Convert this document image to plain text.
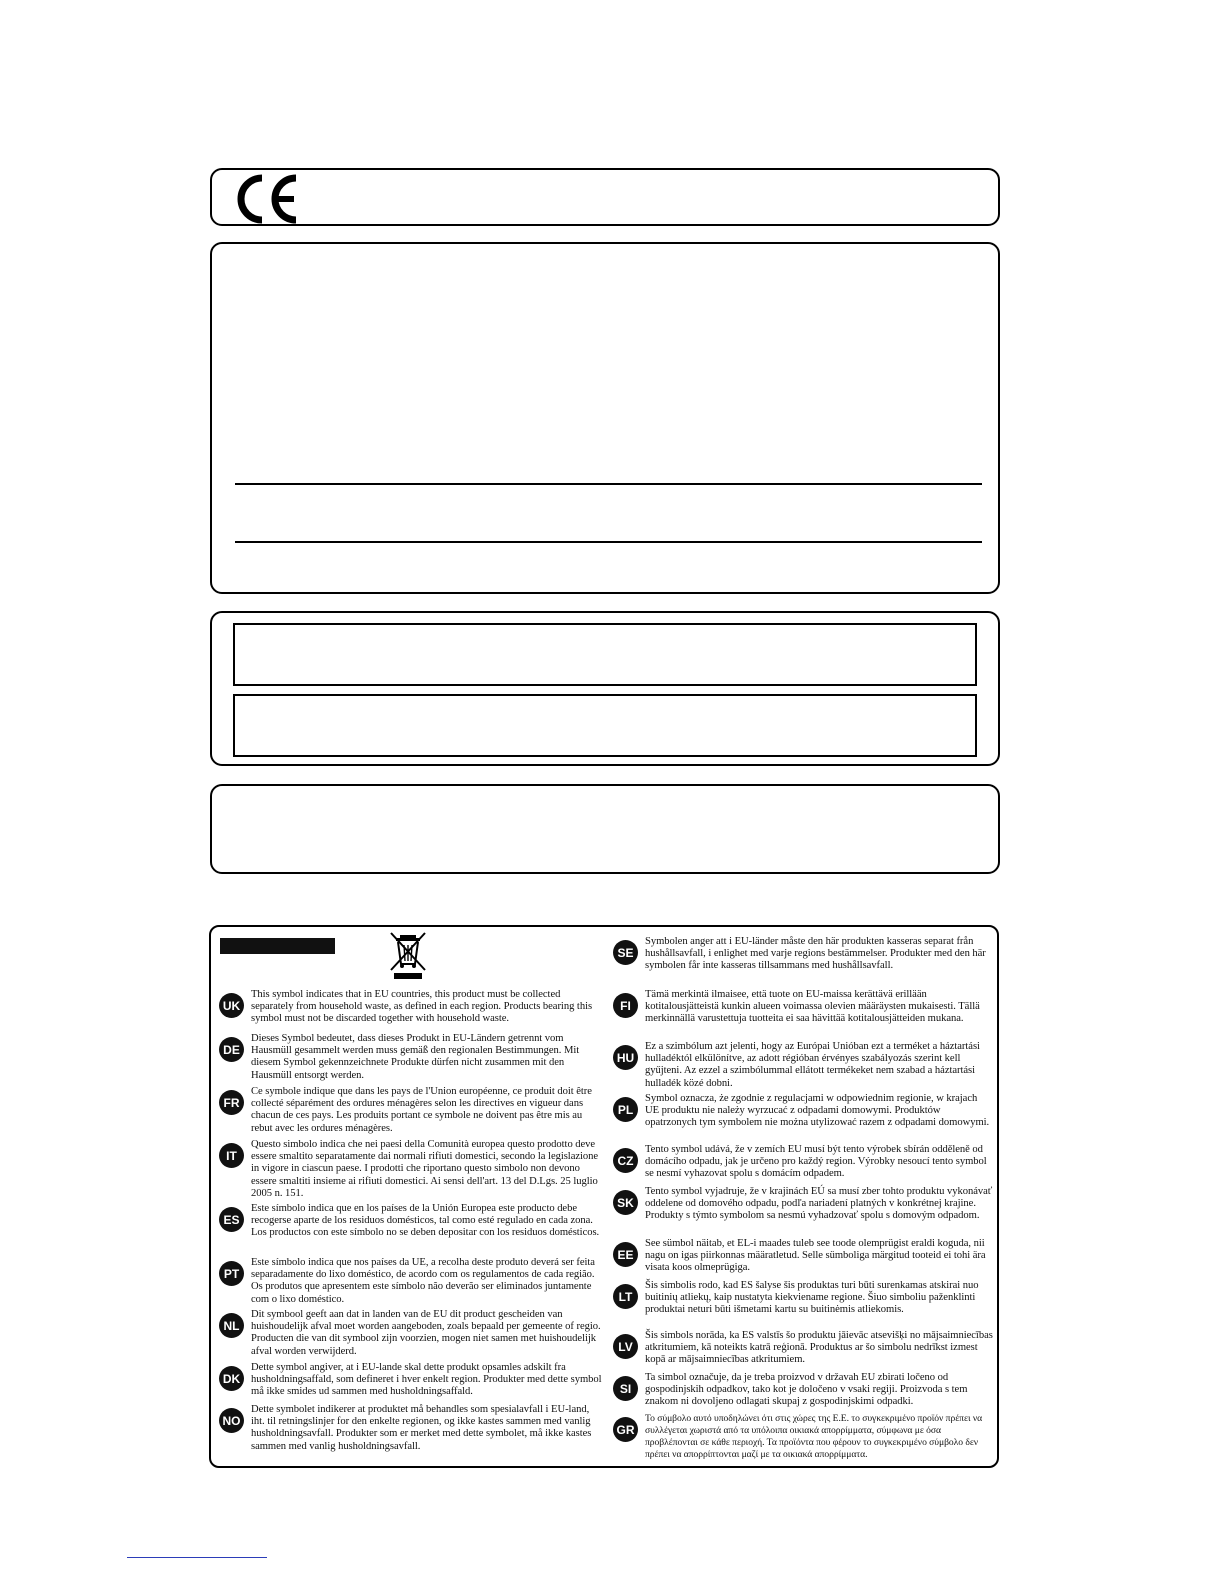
UK
This symbol indicates that in EU countries, this product must be collected separately from household waste, as defined in each region. Products bearing this symbol must not be discarded together with household waste.
DE
Dieses Symbol bedeutet, dass dieses Produkt in EU-Ländern getrennt vom Hausmüll gesammelt werden muss gemäß den regionalen Bestimmungen. Mit diesem Symbol gekennzeichnete Produkte dürfen nicht zusammen mit den Hausmüll entsorgt werden.
FR
Ce symbole indique que dans les pays de l'Union européenne, ce produit doit être collecté séparément des ordures ménagères selon les directives en vigueur dans chacun de ces pays. Les produits portant ce symbole ne doivent pas être mis au rebut avec les ordures ménagères.
IT
Questo simbolo indica che nei paesi della Comunità europea questo prodotto deve essere smaltito separatamente dai normali rifiuti domestici, secondo la legislazione in vigore in ciascun paese. I prodotti che riportano questo simbolo non devono essere smaltiti insieme ai rifiuti domestici. Ai sensi dell'art. 13 del D.Lgs. 25 luglio 2005 n. 151.
ES
Este símbolo indica que en los países de la Unión Europea este producto debe recogerse aparte de los residuos domésticos, tal como esté regulado en cada zona. Los productos con este símbolo no se deben depositar con los residuos domésticos.
PT
Este símbolo indica que nos países da UE, a recolha deste produto deverá ser feita separadamente do lixo doméstico, de acordo com os regulamentos de cada região. Os produtos que apresentem este símbolo não deverão ser eliminados juntamente com o lixo doméstico.
NL
Dit symbool geeft aan dat in landen van de EU dit product gescheiden van huishoudelijk afval moet worden aangeboden, zoals bepaald per gemeente of regio. Producten die van dit symbool zijn voorzien, mogen niet samen met huishoudelijk afval worden verwijderd.
DK
Dette symbol angiver, at i EU-lande skal dette produkt opsamles adskilt fra husholdningsaffald, som defineret i hver enkelt region. Produkter med dette symbol må ikke smides ud sammen med husholdningsaffald.
NO
Dette symbolet indikerer at produktet må behandles som spesialavfall i EU-land, iht. til retningslinjer for den enkelte regionen, og ikke kastes sammen med vanlig husholdningsavfall. Produkter som er merket med dette symbolet, må ikke kastes sammen med vanlig husholdningsavfall.
SE
Symbolen anger att i EU-länder måste den här produkten kasseras separat från hushållsavfall, i enlighet med varje regions bestämmelser. Produkter med den här symbolen får inte kasseras tillsammans med hushållsavfall.
FI
Tämä merkintä ilmaisee, että tuote on EU-maissa kerättävä erillään kotitalousjätteistä kunkin alueen voimassa olevien määräysten mukaisesti. Tällä merkinnällä varustettuja tuotteita ei saa hävittää kotitalousjätteiden mukana.
HU
Ez a szimbólum azt jelenti, hogy az Európai Unióban ezt a terméket a háztartási hulladéktól elkülönítve, az adott régióban érvényes szabályozás szerint kell gyűjteni. Az ezzel a szimbólummal ellátott termékeket nem szabad a háztartási hulladék közé dobni.
PL
Symbol oznacza, że zgodnie z regulacjami w odpowiednim regionie, w krajach UE produktu nie należy wyrzucać z odpadami domowymi. Produktów opatrzonych tym symbolem nie można utylizować razem z odpadami domowymi.
CZ
Tento symbol udává, že v zemích EU musí být tento výrobek sbírán odděleně od domácího odpadu, jak je určeno pro každý region. Výrobky nesoucí tento symbol se nesmí vyhazovat spolu s domácím odpadem.
SK
Tento symbol vyjadruje, že v krajinách EÚ sa musí zber tohto produktu vykonávať oddelene od domového odpadu, podľa nariadení platných v konkrétnej krajine. Produkty s týmto symbolom sa nesmú vyhadzovať spolu s domovým odpadom.
EE
See sümbol näitab, et EL-i maades tuleb see toode olemprügist eraldi koguda, nii nagu on igas piirkonnas määratletud. Selle sümboliga märgitud tooteid ei tohi ära visata koos olmeprügiga.
LT
Šis simbolis rodo, kad ES šalyse šis produktas turi būti surenkamas atskirai nuo buitinių atliekų, kaip nustatyta kiekviename regione. Šiuo simboliu paženklinti produktai neturi būti išmetami kartu su buitinėmis atliekomis.
LV
Šis simbols norāda, ka ES valstīs šo produktu jāievāc atsevišķi no mājsaimniecības atkritumiem, kā noteikts katrā reģionā. Produktus ar šo simbolu nedrīkst izmest kopā ar mājsaimniecības atkritumiem.
SI
Ta simbol označuje, da je treba proizvod v državah EU zbirati ločeno od gospodinjskih odpadkov, tako kot je določeno v vsaki regiji. Proizvoda s tem znakom ni dovoljeno odlagati skupaj z gospodinjskimi odpadki.
GR
Το σύμβολο αυτό υποδηλώνει ότι στις χώρες της Ε.Ε. το συγκεκριμένο προϊόν πρέπει να συλλέγεται χωριστά από τα υπόλοιπα οικιακά απορρίμματα, σύμφωνα με όσα προβλέπονται σε κάθε περιοχή. Τα προϊόντα που φέρουν το συγκεκριμένο σύμβολο δεν πρέπει να απορρίπτονται μαζί με τα οικιακά απορρίμματα.
